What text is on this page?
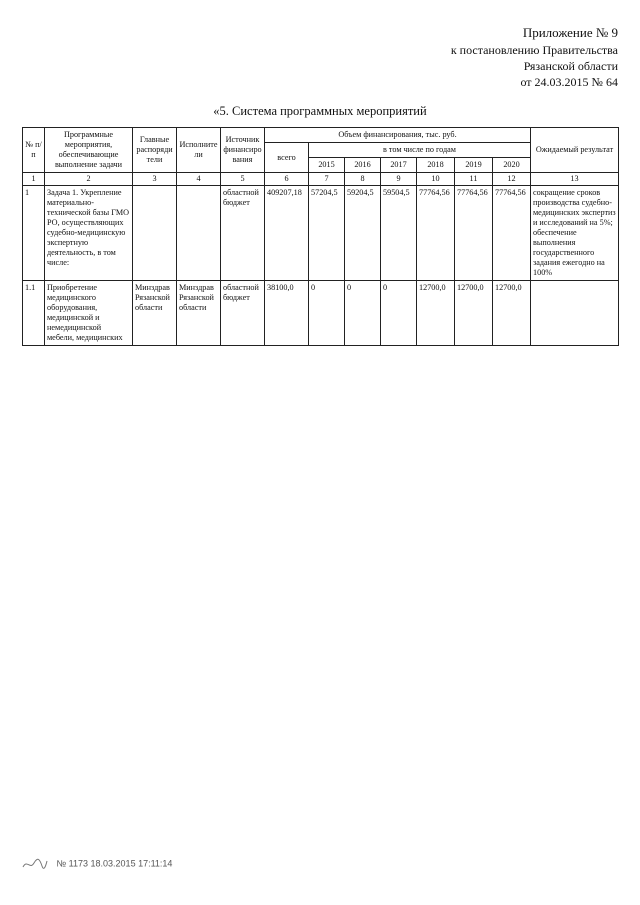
Приложение № 9
к постановлению Правительства
Рязанской области
от 24.03.2015 № 64
«5. Система программных мероприятий
№ п/п	Программные мероприятия, обеспечивающие выполнение задачи	Главные распорядители	Исполнители	Источник финансирования	Объем финансирования, тыс. руб.							Ожидаемый результат
					всего	в том числе по годам						
						2015	2016	2017	2018	2019	2020	
1	2	3	4	5	6	7	8	9	10	11	12	13
1	Задача 1. Укрепление материально-технической базы ГМО РО, осуществляющих судебно-медицинскую экспертную деятельность, в том числе:			областной бюджет	409207,18	57204,5	59204,5	59504,5	77764,56	77764,56	77764,56	сокращение сроков производства судебно-медицинских экспертиз и исследований на 5%; обеспечение выполнения государственного задания ежегодно на 100%
1.1	Приобретение медицинского оборудования, медицинской и немедицинской мебели, медицинских	Минздрав Рязанской области	Минздрав Рязанской области	областной бюджет	38100,0	0	0	0	12700,0	12700,0	12700,0	
№ 1173 18.03.2015 17:11:14
